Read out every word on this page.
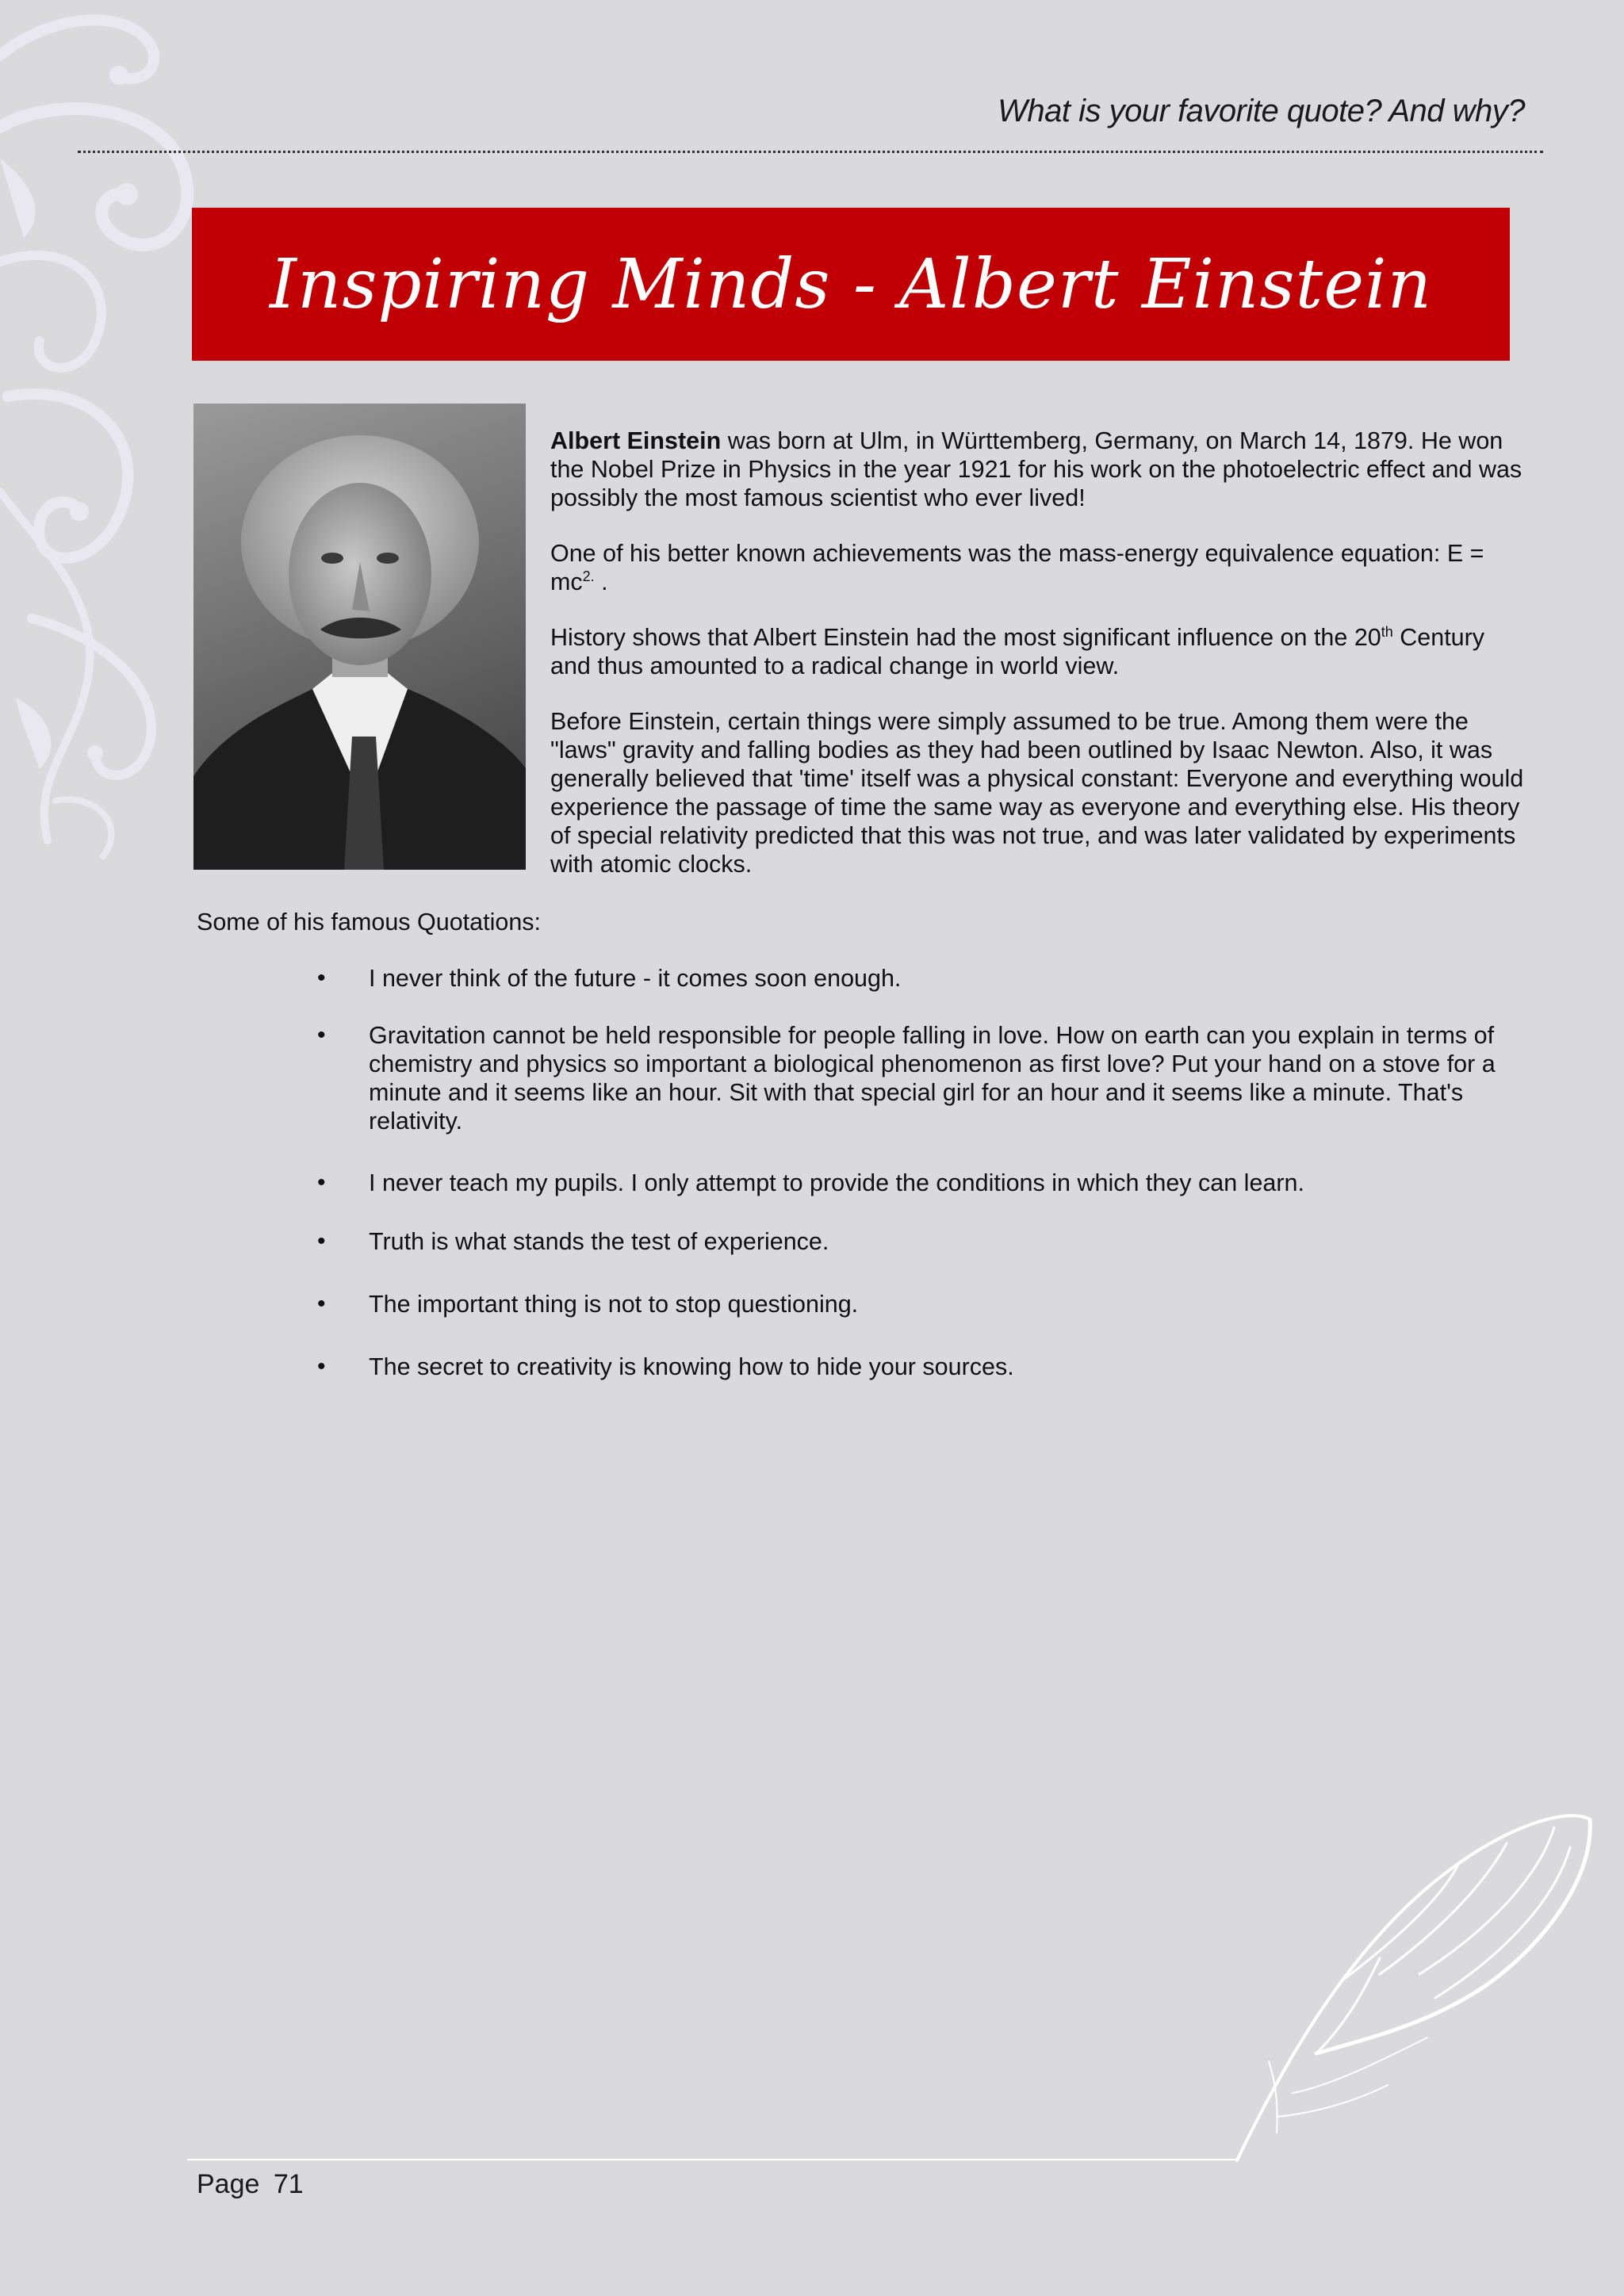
What is your favorite quote? And why?
Inspiring Minds - Albert Einstein

Albert Einstein was born at Ulm, in Württemberg, Germany, on March 14, 1879. He won the Nobel Prize in Physics in the year 1921 for his work on the photoelectric effect and was possibly the most famous scientist who ever lived!

One of his better known achievements was the mass-energy equivalence equation: $E = mc^{2.}$ .

History shows that Albert Einstein had the most significant influence on the 20th Century and thus amounted to a radical change in world view.

Before Einstein, certain things were simply assumed to be true. Among them were the "laws" gravity and falling bodies as they had been outlined by Isaac Newton. Also, it was generally believed that 'time' itself was a physical constant: Everyone and everything would experience the passage of time the same way as everyone and everything else. His theory of special relativity predicted that this was not true, and was later validated by experiments with atomic clocks.

Some of his famous Quotations:
•	I never think of the future - it comes soon enough.
•	Gravitation cannot be held responsible for people falling in love. How on earth can you explain in terms of chemistry and physics so important a biological phenomenon as first love? Put your hand on a stove for a minute and it seems like an hour. Sit with that special girl for an hour and it seems like a minute. That's relativity.
•	I never teach my pupils. I only attempt to provide the conditions in which they can learn.
•	Truth is what stands the test of experience.
•	The important thing is not to stop questioning.
•	The secret to creativity is knowing how to hide your sources.
Page 71
